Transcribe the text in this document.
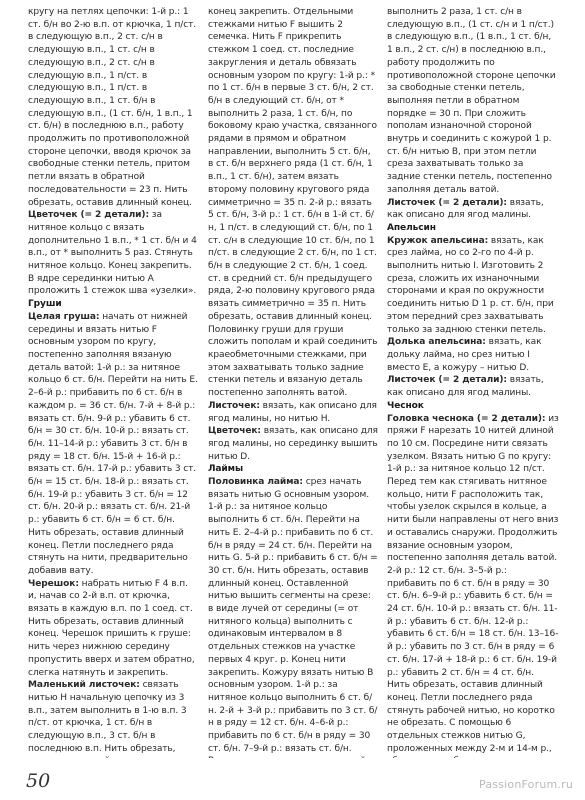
кругу на петлях цепочки: 1-й р.: 1 ст. б/н во 2-ю в.п. от крючка, 1 п/ст. в следующую в.п., 2 ст. с/н в следующую в.п., 1 ст. с/н в следующую в.п., 2 ст. с/н в следующую в.п., 1 п/ст. в следующую в.п., 1 п/ст. в следующую в.п., 1 ст. б/н в следующую в.п., (1 ст. б/н, 1 в.п., 1 ст. б/н) в последнюю в.п., работу продолжить по противоположной стороне цепочки, вводя крючок за свободные стенки петель, притом петли вязать в обратной последовательности = 23 п. Нить обрезать, оставив длинный конец.
Цветочек (= 2 детали): за нитяное кольцо с вязать дополнительно 1 в.п., * 1 ст. б/н и 4 в.п., от * выполнить 5 раз. Стянуть нитяное кольцо. Конец закрепить. В ядре серединки нитью A проложить 1 стежок шва «узелки».
Груши
Целая груша: начать от нижней середины и вязать нитью F основным узором по кругу, постепенно заполняя вязаную деталь ватой: 1-й р.: за нитяное кольцо 6 ст. б/н. Перейти на нить E. 2–6-й р.: прибавить по 6 ст. б/н в каждом р. = 36 ст. б/н. 7-й + 8-й р.: вязать ст. б/н. 9-й р.: убавить 6 ст. б/н = 30 ст. б/н. 10-й р.: вязать ст. б/н. 11–14-й р.: убавить 3 ст. б/н в ряду = 18 ст. б/н. 15-й + 16-й р.: вязать ст. б/н. 17-й р.: убавить 3 ст. б/н = 15 ст. б/н. 18-й р.: вязать ст. б/н. 19-й р.: убавить 3 ст. б/н = 12 ст. б/н. 20-й р.: вязать ст. б/н. 21-й р.: убавить 6 ст. б/н = 6 ст. б/н. Нить обрезать, оставив длинный конец. Петли последнего ряда стянуть на нити, предварительно добавив вату.
Черешок: набрать нитью F 4 в.п. и, начав со 2-й в.п. от крючка, вязать в каждую в.п. по 1 соед. ст. Нить обрезать, оставив длинный конец. Черешок пришить к груше: нить через нижнюю середину пропустить вверх и затем обратно, слегка натянуть и закрепить.
Маленький листочек: связать нитью H начальную цепочку из 3 в.п., затем выполнить в 1-ю в.п. 3 п/ст. от крючка, 1 ст. б/н в следующую в.п., 3 ст. б/н в последнюю в.п. Нить обрезать,
конец закрепить. Отдельными стежками нитью F вышить 2 семечка. Нить F прикрепить стежком 1 соед. ст. последние закругления и деталь обвязать основным узором по кругу: 1-й р.: * по 1 ст. б/н в первые 3 ст. б/н, 2 ст. б/н в следующий ст. б/н, от * выполнить 2 раза, 1 ст. б/н, по боковому краю участка, связанного рядами в прямом и обратном направлении, выполнить 5 ст. б/н, в ст. б/н верхнего ряда (1 ст. б/н, 1 в.п., 1 ст. б/н), затем вязать второму половину кругового ряда симметрично = 35 п. 2-й р.: вязать 5 ст. б/н, 3-й р.: 1 ст. б/н в 1-й ст. б/н, 1 п/ст. в следующий ст. б/н, по 1 ст. с/н в следующие 10 ст. б/н, по 1 п/ст. в следующие 2 ст. б/н, по 1 ст. б/н в следующие 2 ст. б/н, 1 соед. ст. в средний ст. б/н предыдущего ряда, 2-ю половину кругового ряда вязать симметрично = 35 п. Нить обрезать, оставив длинный конец. Половинку груши для груши сложить пополам и край соединить краеобметочными стежками, при этом захватывать только задние стенки петель и вязаную деталь постепенно заполнять ватой.
Листочек: вязать, как описано для ягод малины, но нитью H.
Цветочек: вязать, как описано для ягод малины, но серединку вышить нитью D.
Лаймы
Половинка лайма: срез начать вязать нитью G основным узором. 1-й р.: за нитяное кольцо выполнить 6 ст. б/н. Перейти на нить E. 2–4-й р.: прибавить по 6 ст. б/н в ряду = 24 ст. б/н. Перейти на нить G. 5-й р.: прибавить 6 ст. б/н = 30 ст. б/н. Нить обрезать, оставив длинный конец. Оставленной нитью вышить сегменты на срезе: в виде лучей от середины (= от нитяного кольца) выполнить с одинаковым интервалом в 8 отдельных стежков на участке первых 4 круг. р. Конец нити закрепить. Кожуру вязать нитью B основным узором. 1-й р.: за нитяное кольцо выполнить 6 ст. б/н. 2-й + 3-й р.: прибавить по 3 ст. б/н в ряду = 12 ст. б/н. 4–6-й р.: прибавить по 6 ст. б/н в ряду = 30 ст. б/н. 7–9-й р.: вязать ст. б/н.
выполнить 2 раза, 1 ст. с/н в следующую в.п., (1 ст. с/н и 1 п/ст.) в следующую в.п., (1 в.п., 1 ст. б/н, 1 в.п., 2 ст. с/н) в последнюю в.п., работу продолжить по противоположной стороне цепочки за свободные стенки петель, выполняя петли в обратном порядке = 30 п. При сложить пополам изнаночной стороной внутрь и соединить с кожурой 1 р. ст. б/н нитью B, при этом петли среза захватывать только за задние стенки петель, постепенно заполняя деталь ватой.
Листочек (= 2 детали): вязать, как описано для ягод малины.
Апельсин
Кружок апельсина: вязать, как срез лайма, но со 2-го по 4-й р. выполнить нитью I. Изготовить 2 среза, сложить их изнаночными сторонами и края по окружности соединить нитью D 1 р. ст. б/н, при этом передний срез захватывать только за заднюю стенки петель.
Долька апельсина: вязать, как дольку лайма, но срез нитью I вместо E, а кожуру – нитью D.
Листочек (= 2 детали): вязать, как описано для ягод малины.
Чеснок
Головка чеснока (= 2 детали): из пряжи F нарезать 10 нитей длиной по 10 см. Посредине нити связать узелком. Вязать нитью G по кругу: 1-й р.: за нитяное кольцо 12 п/ст. Перед тем как стягивать нитяное кольцо, нити F расположить так, чтобы узелок скрылся в кольце, а нити были направлены от него вниз и оставались снаружи. Продолжить вязание основным узором, постепенно заполняя деталь ватой. 2-й р.: 12 ст. б/н. 3–5-й р.: прибавить по 6 ст. б/н в ряду = 30 ст. б/н. 6–9-й р.: убавить 6 ст. б/н = 24 ст. б/н. 10-й р.: вязать ст. б/н. 11-й р.: убавить 6 ст. б/н. 12-й р.: убавить 6 ст. б/н = 18 ст. б/н. 13–16-й р.: убавить по 3 ст. б/н в ряду = 6 ст. б/н. 17-й + 18-й р.: 6 ст. б/н. 19-й р.: убавить 2 ст. б/н = 4 ст. б/н. Нить обрезать, оставив длинный конец. Петли последнего ряда стянуть рабочей нитью, но коротко не обрезать. С помощью 6 отдельных стежков нитью G, проложенных между 2-м и 14-м р.,
50	PassionForum.ru
